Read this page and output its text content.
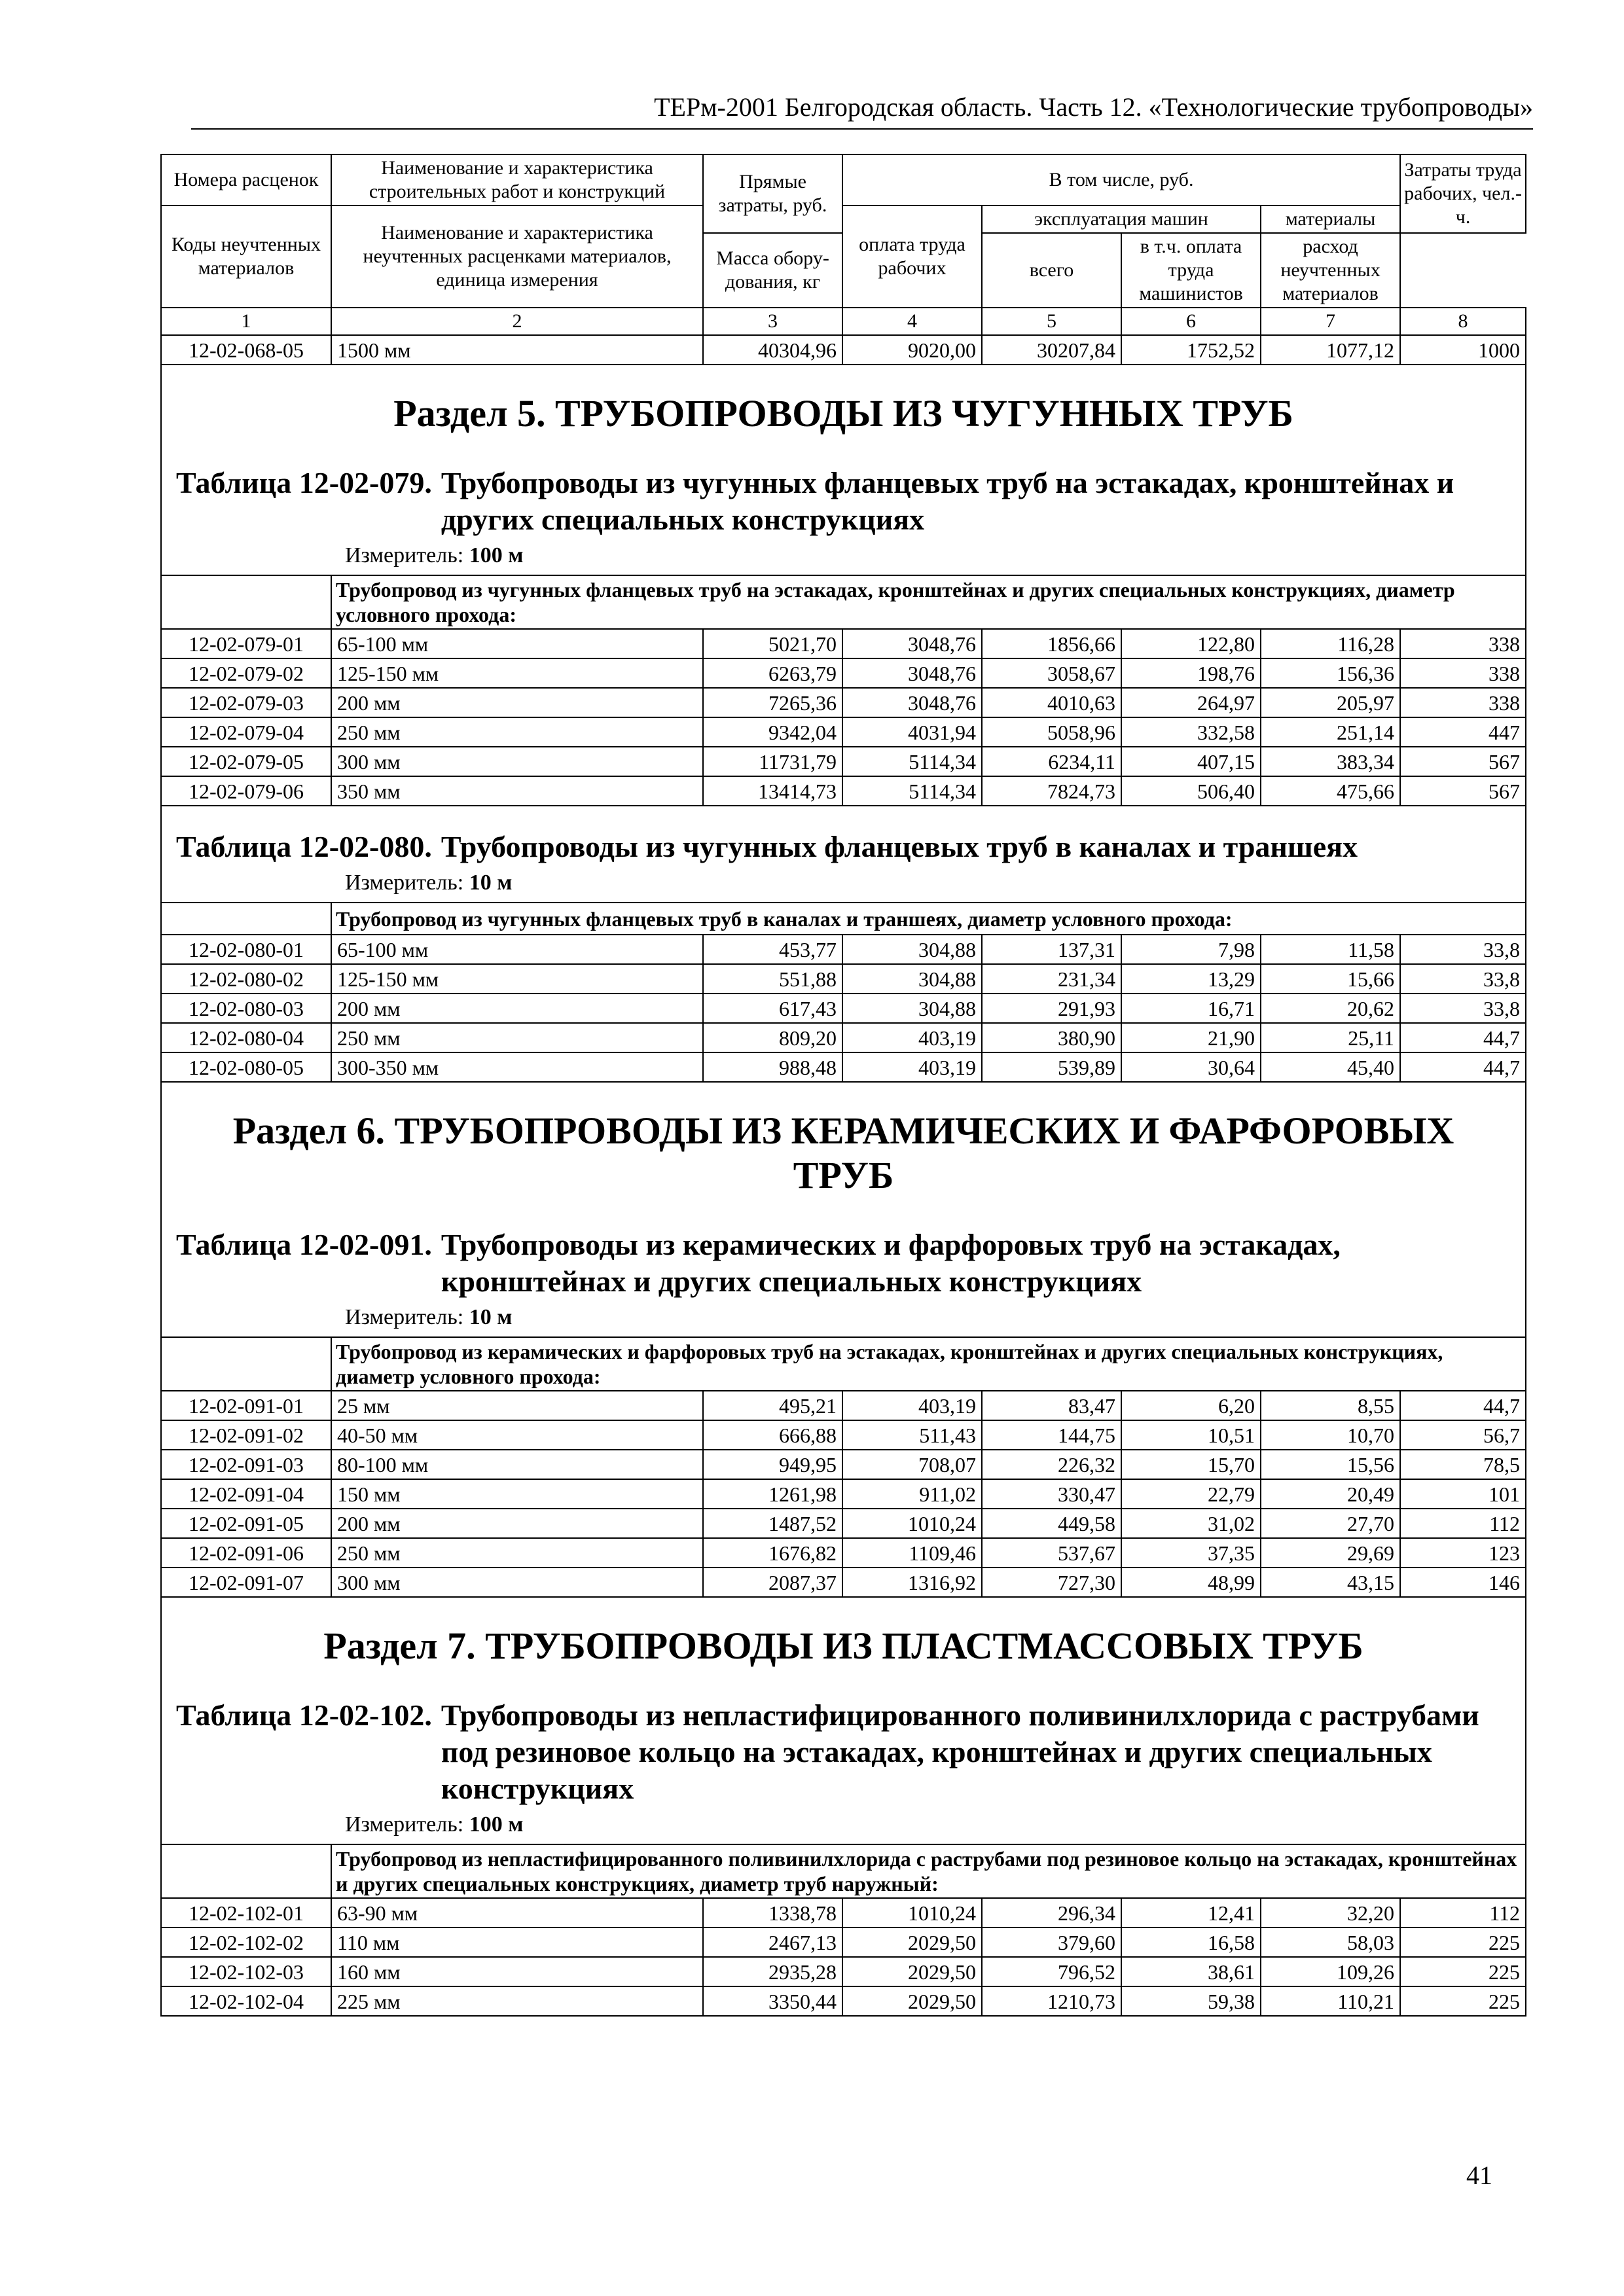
ТЕРм-2001 Белгородская область. Часть 12. «Технологические трубопроводы»
Номера расценок	Наименование и характеристика строительных работ и конструкций	Прямые затраты, руб.	В том числе, руб.				Затраты труда рабочих, чел.-ч.
Коды неучтенных материалов	Наименование и характеристика неучтенных расценками материалов, единица измерения		оплата труда рабочих	эксплуатация машин		материалы	
				всего	в т.ч. оплата труда машинистов	расход неучтенных материалов	
		Масса обору-дования, кг					
1	2	3	4	5	6	7	8
12-02-068-05	1500 мм	40304,96	9020,00	30207,84	1752,52	1077,12	1000

Раздел 5. ТРУБОПРОВОДЫ ИЗ ЧУГУННЫХ ТРУБ							

Таблица 12-02-079. Трубопроводы из чугунных фланцевых труб на эстакадах, кронштейнах и других специальных конструкциях
Измеритель: 100 м							

	Трубопровод из чугунных фланцевых труб на эстакадах, кронштейнах и других специальных конструкциях, диаметр условного прохода:						
12-02-079-01	65-100 мм	5021,70	3048,76	1856,66	122,80	116,28	338
12-02-079-02	125-150 мм	6263,79	3048,76	3058,67	198,76	156,36	338
12-02-079-03	200 мм	7265,36	3048,76	4010,63	264,97	205,97	338
12-02-079-04	250 мм	9342,04	4031,94	5058,96	332,58	251,14	447
12-02-079-05	300 мм	11731,79	5114,34	6234,11	407,15	383,34	567
12-02-079-06	350 мм	13414,73	5114,34	7824,73	506,40	475,66	567

Таблица 12-02-080. Трубопроводы из чугунных фланцевых труб в каналах и траншеях
Измеритель: 10 м							

	Трубопровод из чугунных фланцевых труб в каналах и траншеях, диаметр условного прохода:						
12-02-080-01	65-100 мм	453,77	304,88	137,31	7,98	11,58	33,8
12-02-080-02	125-150 мм	551,88	304,88	231,34	13,29	15,66	33,8
12-02-080-03	200 мм	617,43	304,88	291,93	16,71	20,62	33,8
12-02-080-04	250 мм	809,20	403,19	380,90	21,90	25,11	44,7
12-02-080-05	300-350 мм	988,48	403,19	539,89	30,64	45,40	44,7

Раздел 6. ТРУБОПРОВОДЫ ИЗ КЕРАМИЧЕСКИХ И ФАРФОРОВЫХ ТРУБ							

Таблица 12-02-091. Трубопроводы из керамических и фарфоровых труб на эстакадах, кронштейнах и других специальных конструкциях
Измеритель: 10 м							

	Трубопровод из керамических и фарфоровых труб на эстакадах, кронштейнах и других специальных конструкциях, диаметр условного прохода:						
12-02-091-01	25 мм	495,21	403,19	83,47	6,20	8,55	44,7
12-02-091-02	40-50 мм	666,88	511,43	144,75	10,51	10,70	56,7
12-02-091-03	80-100 мм	949,95	708,07	226,32	15,70	15,56	78,5
12-02-091-04	150 мм	1261,98	911,02	330,47	22,79	20,49	101
12-02-091-05	200 мм	1487,52	1010,24	449,58	31,02	27,70	112
12-02-091-06	250 мм	1676,82	1109,46	537,67	37,35	29,69	123
12-02-091-07	300 мм	2087,37	1316,92	727,30	48,99	43,15	146

Раздел 7. ТРУБОПРОВОДЫ ИЗ ПЛАСТМАССОВЫХ ТРУБ							

Таблица 12-02-102. Трубопроводы из непластифицированного поливинилхлорида с раструбами под резиновое кольцо на эстакадах, кронштейнах и других специальных конструкциях
Измеритель: 100 м							

	Трубопровод из непластифицированного поливинилхлорида с раструбами под резиновое кольцо на эстакадах, кронштейнах и других специальных конструкциях, диаметр труб наружный:						
12-02-102-01	63-90 мм	1338,78	1010,24	296,34	12,41	32,20	112
12-02-102-02	110 мм	2467,13	2029,50	379,60	16,58	58,03	225
12-02-102-03	160 мм	2935,28	2029,50	796,52	38,61	109,26	225
12-02-102-04	225 мм	3350,44	2029,50	1210,73	59,38	110,21	225
41
